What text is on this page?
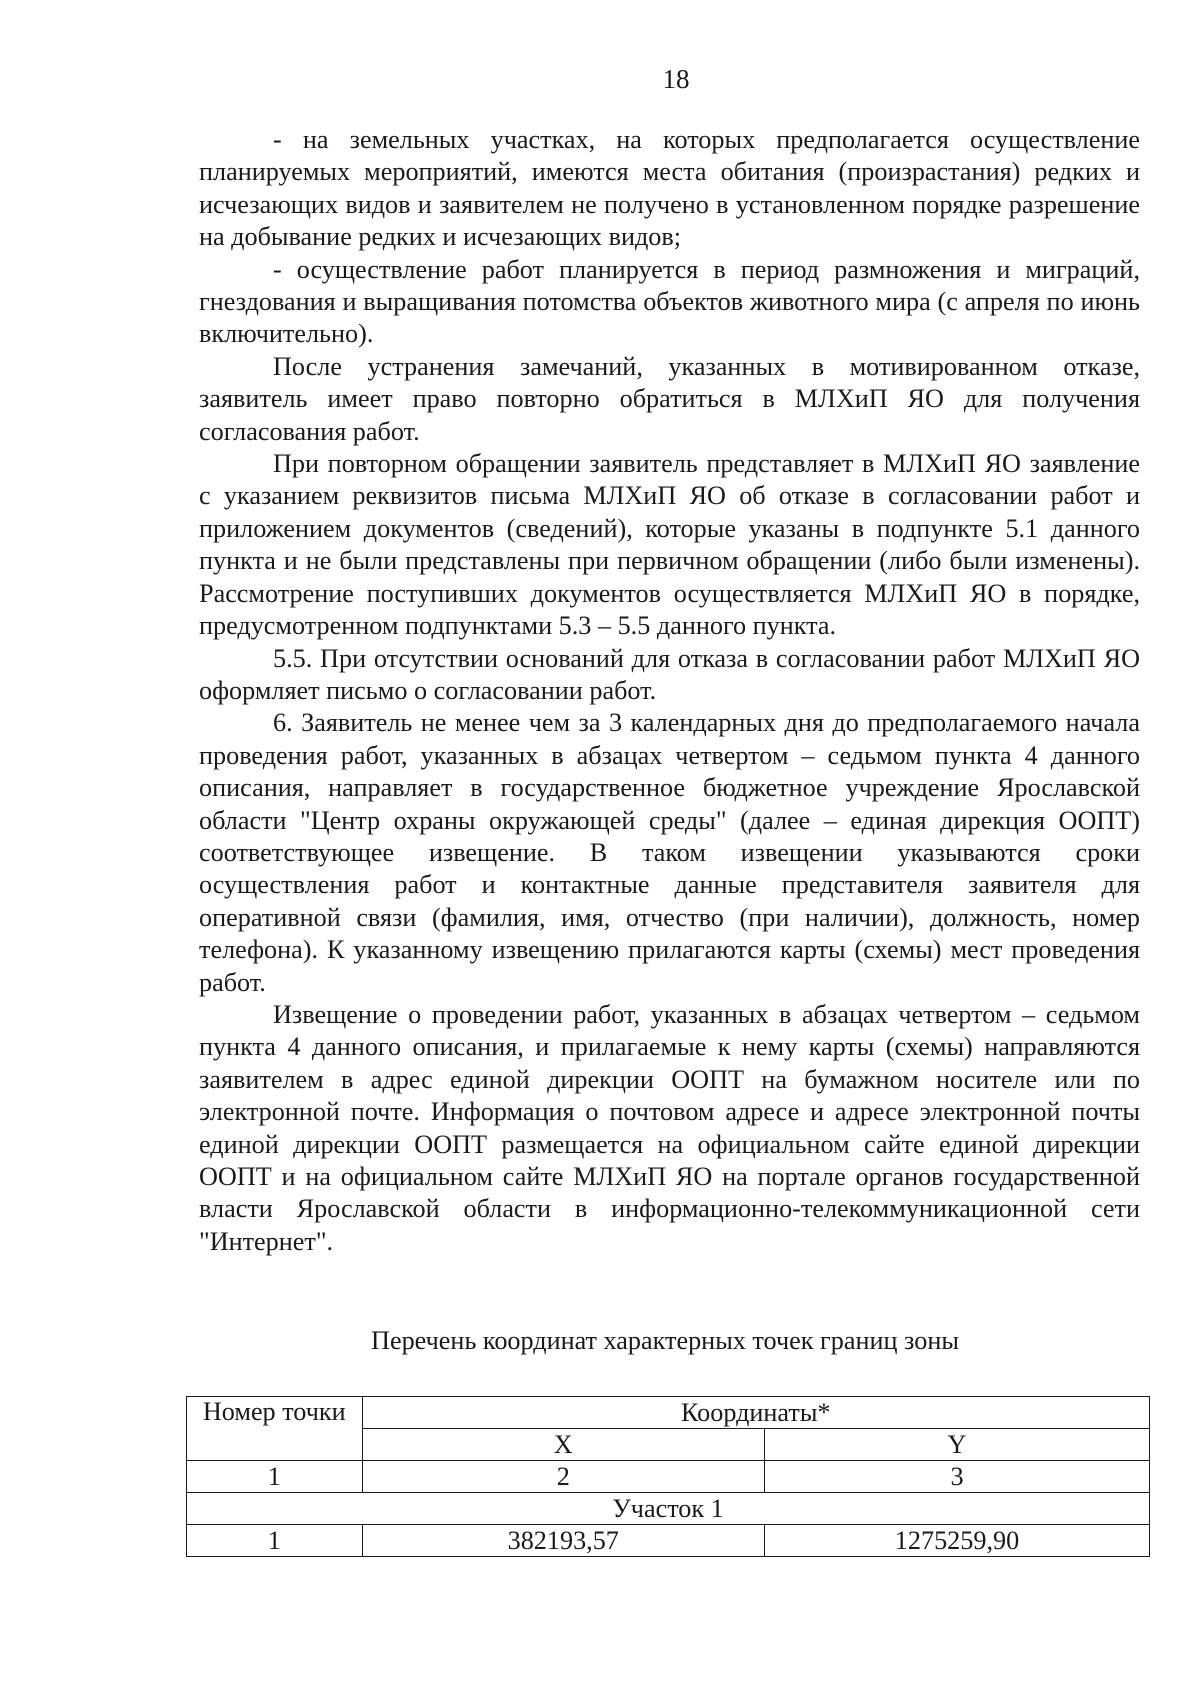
18

- на земельных участках, на которых предполагается осуществление планируемых мероприятий, имеются места обитания (произрастания) редких и исчезающих видов и заявителем не получено в установленном порядке разрешение на добывание редких и исчезающих видов;

- осуществление работ планируется в период размножения и миграций, гнездования и выращивания потомства объектов животного мира (с апреля по июнь включительно).

После устранения замечаний, указанных в мотивированном отказе, заявитель имеет право повторно обратиться в МЛХиП ЯО для получения согласования работ.

При повторном обращении заявитель представляет в МЛХиП ЯО заявление с указанием реквизитов письма МЛХиП ЯО об отказе в согласовании работ и приложением документов (сведений), которые указаны в подпункте 5.1 данного пункта и не были представлены при первичном обращении (либо были изменены). Рассмотрение поступивших документов осуществляется МЛХиП ЯО в порядке, предусмотренном подпунктами 5.3 – 5.5 данного пункта.

5.5. При отсутствии оснований для отказа в согласовании работ МЛХиП ЯО оформляет письмо о согласовании работ.

6. Заявитель не менее чем за 3 календарных дня до предполагаемого начала проведения работ, указанных в абзацах четвертом – седьмом пункта 4 данного описания, направляет в государственное бюджетное учреждение Ярославской области "Центр охраны окружающей среды" (далее – единая дирекция ООПТ) соответствующее извещение. В таком извещении указываются сроки осуществления работ и контактные данные представителя заявителя для оперативной связи (фамилия, имя, отчество (при наличии), должность, номер телефона). К указанному извещению прилагаются карты (схемы) мест проведения работ.

Извещение о проведении работ, указанных в абзацах четвертом – седьмом пункта 4 данного описания, и прилагаемые к нему карты (схемы) направляются заявителем в адрес единой дирекции ООПТ на бумажном носителе или по электронной почте. Информация о почтовом адресе и адресе электронной почты единой дирекции ООПТ размещается на официальном сайте единой дирекции ООПТ и на официальном сайте МЛХиП ЯО на портале органов государственной власти Ярославской области в информационно-телекоммуникационной сети "Интернет".

Перечень координат характерных точек границ зоны
Номер точки	Координаты*	
	X	Y
1	2	3
Участок 1		
1	382193,57	1275259,90
